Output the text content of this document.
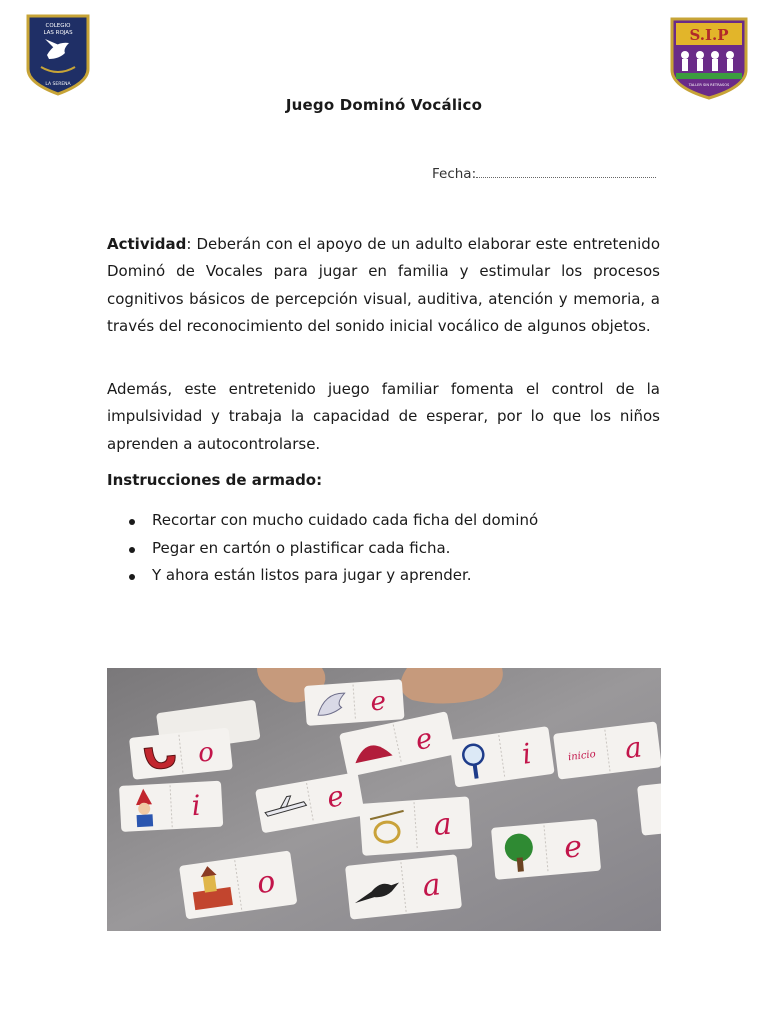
COLEGIO
LAS ROJAS
LA SERENA
S.I.P
TALLER SIN RETRASOS
Juego Dominó Vocálico
Fecha:

Actividad: Deberán con el apoyo de un adulto elaborar este entretenido Dominó de Vocales para jugar en familia y estimular los procesos cognitivos básicos de percepción visual, auditiva, atención y memoria, a través del reconocimiento del sonido inicial vocálico de algunos objetos.

Además, este entretenido juego familiar fomenta el control de la impulsividad y trabaja la capacidad de esperar, por lo que los niños aprenden a autocontrolarse.

Instrucciones de armado:
Recortar con mucho cuidado cada ficha del dominó
Pegar en cartón o plastificar cada ficha.
Y ahora están listos para jugar y aprender.
e
o	e	i	inicio a
i	e
a
e
o	a
